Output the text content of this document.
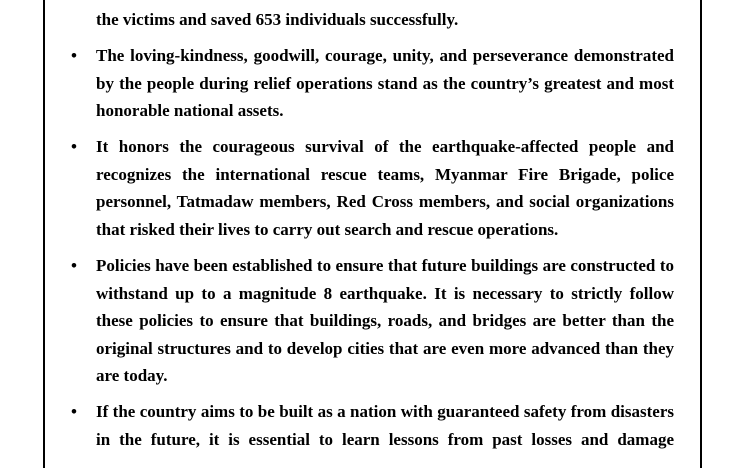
the victims and saved 653 individuals successfully.

• The loving-kindness, goodwill, courage, unity, and perseverance demonstrated by the people during relief operations stand as the country’s greatest and most honorable national assets.
• It honors the courageous survival of the earthquake-affected people and recognizes the international rescue teams, Myanmar Fire Brigade, police personnel, Tatmadaw members, Red Cross members, and social organizations that risked their lives to carry out search and rescue operations.
• Policies have been established to ensure that future buildings are constructed to withstand up to a magnitude 8 earthquake. It is necessary to strictly follow these policies to ensure that buildings, roads, and bridges are better than the original structures and to develop cities that are even more advanced than they are today.
• If the country aims to be built as a nation with guaranteed safety from disasters in the future, it is essential to learn lessons from past losses and damage
